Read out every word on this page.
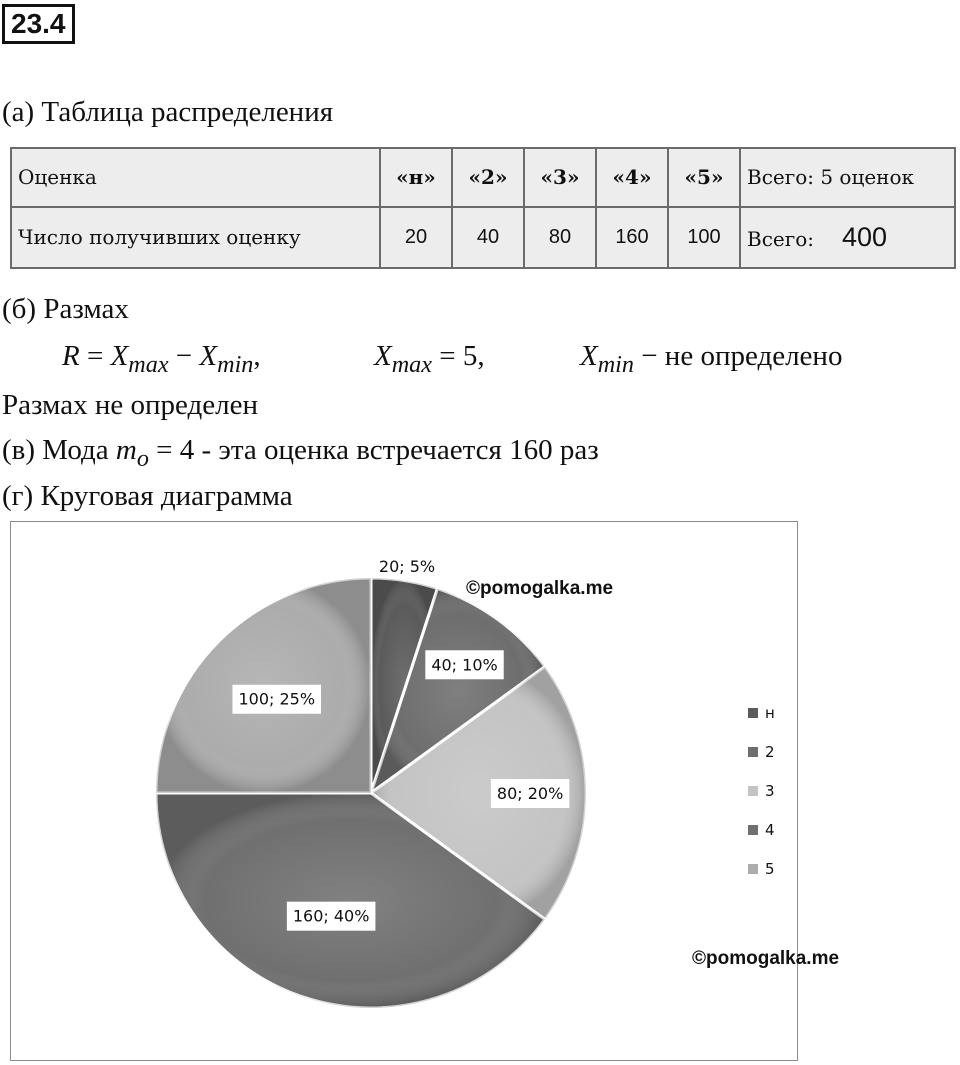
23.4
(а) Таблица распределения
Оценка	«н»	«2»	«3»	«4»	«5»	Всего: 5 оценок
Число получивших оценку	20	40	80	160	100	Всего: 400
(б) Размах
$R = X_{max} - X_{min}$,	$X_{max} = 5$,	$X_{min}$ − не определено
Размах не определен
(в) Мода $m_o = 4$ - эта оценка встречается 160 раз
(г) Круговая диаграмма
20; 5%
40; 10%
80; 20%
160; 40%
100; 25%
н
2
3
4
5
©pomogalka.me
©pomogalka.me
